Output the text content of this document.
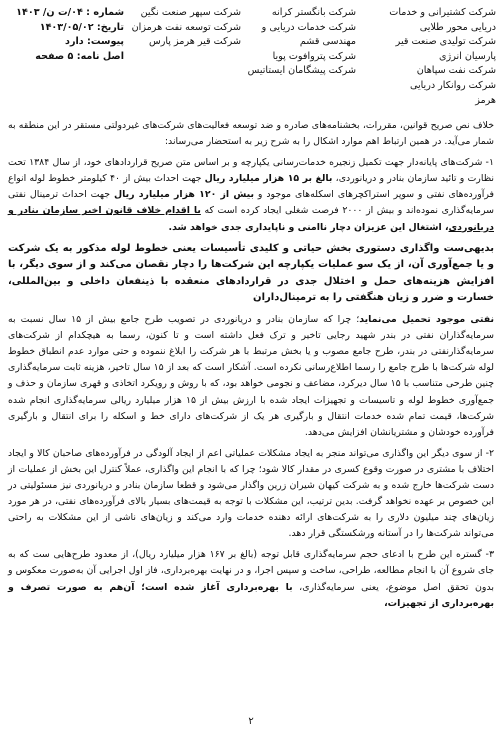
شرکت کشتیرانی و خدمات
دریایی محور طلایی
شرکت تولیدی صنعت قیر
پارسیان انرژی
شرکت نفت سپاهان
شرکت روانکار دریایی
هرمز
شرکت بانگستر کرانه
شرکت خدمات دریایی و
مهندسی قشم
شرکت پتروافوت پویا
شرکت پیشگامان ایستاتیس
شرکت سپهر صنعت نگین
شرکت توسعه نفت هرمزان
شرکت قیر هرمز پارس
شماره : ۰۴/ت ن/ ۱۴۰۳
تاریخ: ۱۴۰۳/۰۵/۰۲
پیوست: دارد
اصل نامه: ۵ صفحه

خلاف نص صریح قوانین، مقررات، بخشنامه‌های صادره و ضد توسعه فعالیت‌های شرکت‌های غیردولتی مستقر در این منطقه به شمار می‌آید. در همین ارتباط اهم موارد اشکال را به شرح زیر به استحضار می‌رساند:

۱- شرکت‌های پایانه‌دار جهت تکمیل زنجیره خدمات‌رسانی یکپارچه و بر اساس متن صریح قراردادهای خود، از سال ۱۳۸۴ تحت نظارت و تائید سازمان بنادر و دریانوردی، بالغ بر ۱۵ هزار میلیارد ریال جهت احداث بیش از ۴۰ کیلومتر خطوط لوله انواع فرآورده‌های نفتی و سوپر استراکچرهای اسکله‌های موجود و بیش از ۱۲۰ هزار میلیارد ریال جهت احداث ترمینال نفتی سرمایه‌گذاری نموده‌اند و بیش از ۲۰۰۰ فرصت شغلی ایجاد کرده است که با اقدام خلاف قانون اخیر سازمان بنادر و دریانوردی، اشتغال این عزیزان دچار ناامنی و ناپایداری جدی خواهد شد.

بدیهی‌ست واگذاری دستوری بخش حیاتی و کلیدی تأسیسات یعنی خطوط لوله مذکور به یک شرکت و یا جمع‌آوری آن، از یک سو عملیات یکپارچه این شرکت‌ها را دچار نقصان می‌کند و از سوی دیگر، با افزایش هزینه‌های حمل و اختلال جدی در قراردادهای منعقده با ذینفعان داخلی و بین‌المللی، خسارت و ضرر و زیان هنگفتی را به ترمینال‌داران

نفتی موجود تحمیل می‌نماید؛ چرا که سازمان بنادر و دریانوردی در تصویب طرح جامع بیش از ۱۵ سال نسبت به سرمایه‌گذاران نفتی در بندر شهید رجایی تاخیر و ترک فعل داشته است و تا کنون، رسما به هیچکدام از شرکت‌های سرمایه‌گذارنفتی در بندر، طرح جامع مصوب و یا بخش مرتبط با هر شرکت را ابلاغ ننموده و حتی موارد عدم انطباق خطوط لوله شرکت‌ها با طرح جامع را رسما اطلاع‌رسانی نکرده است. آشکار است که بعد از ۱۵ سال تاخیر، هزینه ثابت سرمایه‌گذاری چنین طرحی متناسب با ۱۵ سال دیرکرد، مضاعف و نجومی خواهد بود، که با روش و رویکرد اتخاذی و قهری سازمان و حذف و جمع‌آوری خطوط لوله و تاسیسات و تجهیزات ایجاد شده با ارزش بیش از ۱۵ هزار میلیارد ریالی سرمایه‌گذاری انجام شده شرکت‌ها، قیمت تمام شده خدمات انتقال و بارگیری هر یک از شرکت‌های دارای خط و اسکله را برای انتقال و بارگیری فرآورده خودشان و مشتریانشان افزایش می‌دهد.

۲- از سوی دیگر این واگذاری می‌تواند منجر به ایجاد مشکلات عملیاتی اعم از ایجاد آلودگی در فرآورده‌های صاحبان کالا و ایجاد اختلاف با مشتری در صورت وقوع کسری در مقدار کالا شود؛ چرا که با انجام این واگذاری، عملاً کنترل این بخش از عملیات از دست شرکت‌ها خارج شده و به شرکت کیهان شیران زرین واگذار می‌شود و قطعا سازمان بنادر و دریانوردی نیز مسئولیتی در این خصوص بر عهده نخواهد گرفت. بدین ترتیب، این مشکلات با توجه به قیمت‌های بسیار بالای فرآورده‌های نفتی، در هر مورد زیان‌های چند میلیون دلاری را به شرکت‌های ارائه دهنده خدمات وارد می‌کند و زیان‌های ناشی از این مشکلات به راحتی می‌تواند شرکت‌ها را در آستانه ورشکستگی قرار دهد.

۳- گستره این طرح با ادعای حجم سرمایه‌گذاری قابل توجه (بالغ بر ۱۶۷ هزار میلیارد ریال)، از معدود طرح‌هایی ست که به جای شروع آن با انجام مطالعه، طراحی، ساخت و سپس اجرا، و در نهایت بهره‌برداری، فاز اول اجرایی آن به‌صورت معکوس و بدون تحقق اصل موضوع، یعنی سرمایه‌گذاری، با بهره‌برداری آغاز شده است؛ آن‌هم به صورت تصرف و بهره‌برداری از تجهیزات،

۲
